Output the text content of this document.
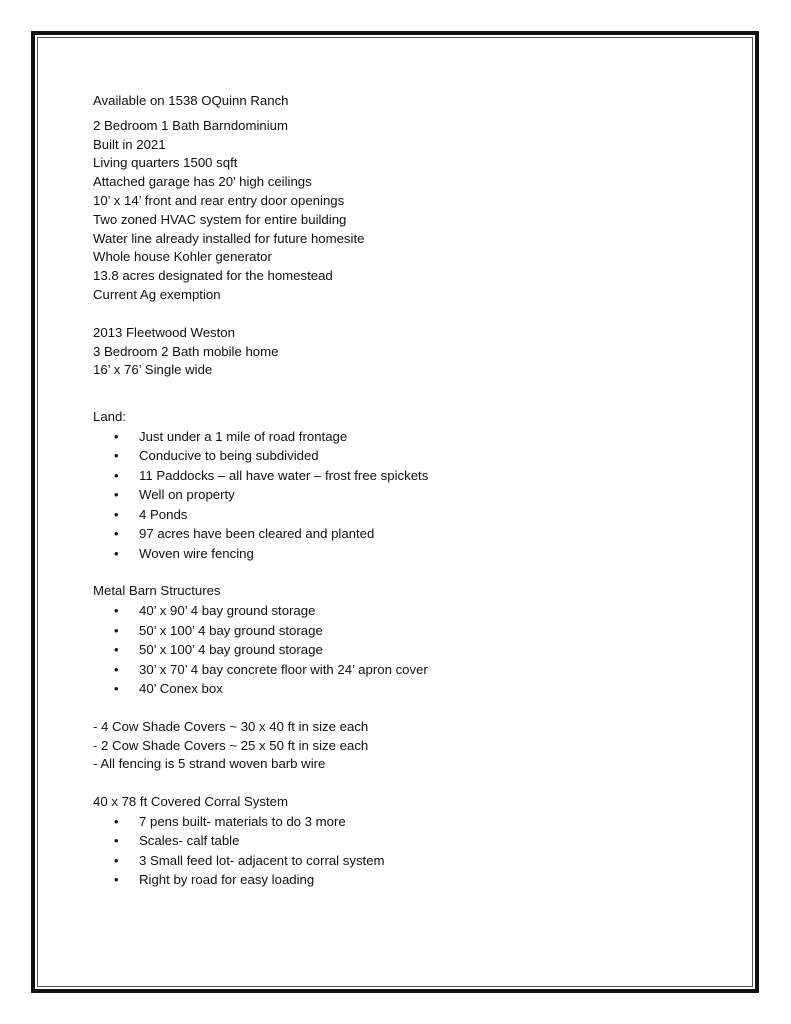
Available on 1538 OQuinn Ranch
2 Bedroom 1 Bath Barndominium
Built in 2021
Living quarters 1500 sqft
Attached garage has 20’ high ceilings
10’ x 14’ front and rear entry door openings
Two zoned HVAC system for entire building
Water line already installed for future homesite
Whole house Kohler generator
13.8 acres designated for the homestead
Current Ag exemption
2013 Fleetwood Weston
3 Bedroom 2 Bath mobile home
16’ x 76’ Single wide
Land:
• Just under a 1 mile of road frontage
• Conducive to being subdivided
• 11 Paddocks – all have water – frost free spickets
• Well on property
• 4 Ponds
• 97 acres have been cleared and planted
• Woven wire fencing
Metal Barn Structures
• 40’ x 90’ 4 bay ground storage
• 50’ x 100’ 4 bay ground storage
• 50’ x 100’ 4 bay ground storage
• 30’ x 70’ 4 bay concrete floor with 24’ apron cover
• 40’ Conex box
- 4 Cow Shade Covers ~ 30 x 40 ft in size each
- 2 Cow Shade Covers ~ 25 x 50 ft in size each
- All fencing is 5 strand woven barb wire
40 x 78 ft Covered Corral System
• 7 pens built- materials to do 3 more
• Scales- calf table
• 3 Small feed lot- adjacent to corral system
• Right by road for easy loading
